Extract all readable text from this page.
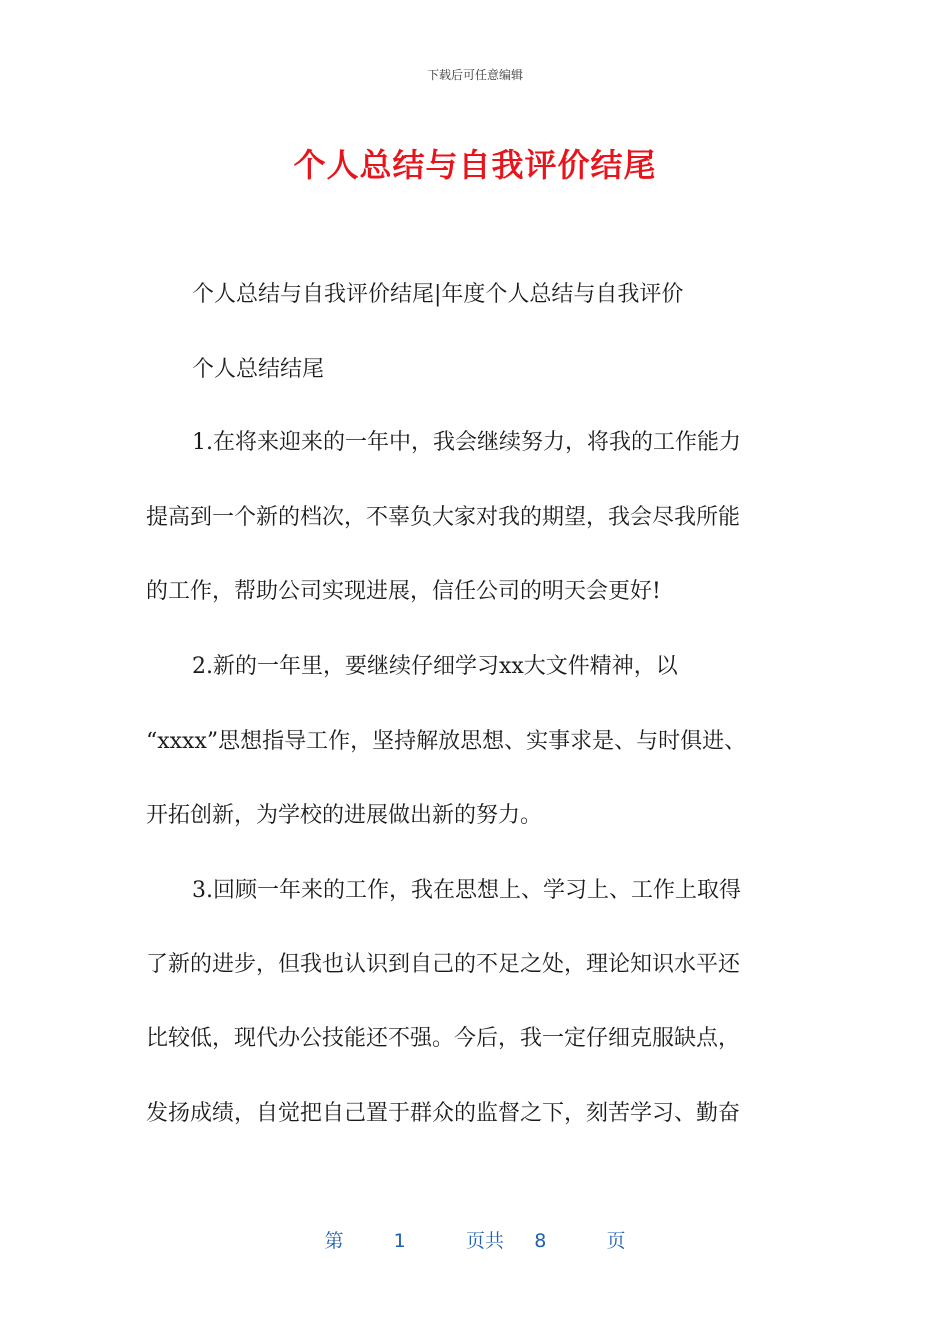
下载后可任意编辑
个人总结与自我评价结尾
个人总结与自我评价结尾|年度个人总结与自我评价
个人总结结尾
1.在将来迎来的一年中，我会继续努力，将我的工作能力
提高到一个新的档次，不辜负大家对我的期望，我会尽我所能
的工作，帮助公司实现进展，信任公司的明天会更好!
2.新的一年里，要继续仔细学习xx大文件精神，以
“xxxx”思想指导工作，坚持解放思想、实事求是、与时俱进、
开拓创新，为学校的进展做出新的努力。
3.回顾一年来的工作，我在思想上、学习上、工作上取得
了新的进步，但我也认识到自己的不足之处，理论知识水平还
比较低，现代办公技能还不强。今后，我一定仔细克服缺点，
发扬成绩，自觉把自己置于群众的监督之下，刻苦学习、勤奋
第	1	页共 8	页
